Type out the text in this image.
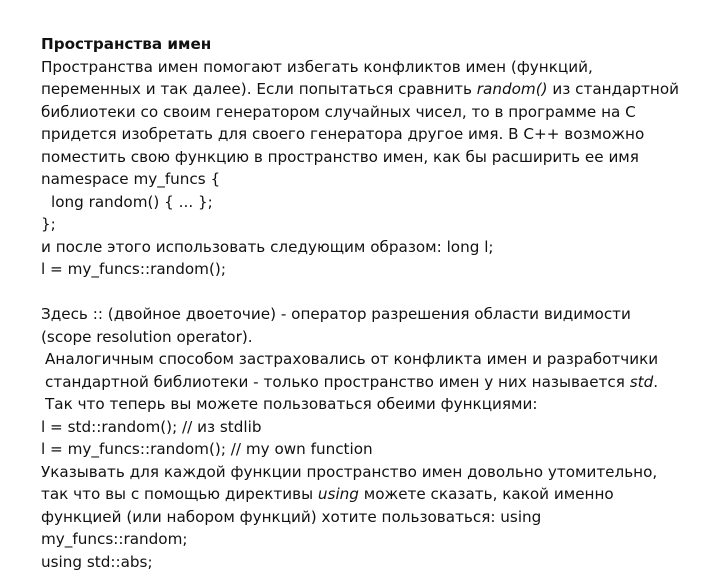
Пространства имен

Пространства имен помогают избегать конфликтов имен (функций, переменных и так далее). Если попытаться сравнить random() из стандартной библиотеки со своим генератором случайных чисел, то в программе на С придется изобретать для своего генератора другое имя. В С++ возможно поместить свою функцию в пространство имен, как бы расширить ее имя

namespace my_funcs {

long random() { ... };

};

и после этого использовать следующим образом: long l;

l = my_funcs::random();

Здесь :: (двойное двоеточие) - оператор разрешения области видимости (scope resolution operator).

Аналогичным способом застраховались от конфликта имен и разработчики стандартной библиотеки - только пространство имен у них называется std. Так что теперь вы можете пользоваться обеими функциями:

l = std::random(); // из stdlib

l = my_funcs::random(); // my own function

Указывать для каждой функции пространство имен довольно утомительно, так что вы с помощью директивы using можете сказать, какой именно функцией (или набором функций) хотите пользоваться: using my_funcs::random;

using std::abs;
